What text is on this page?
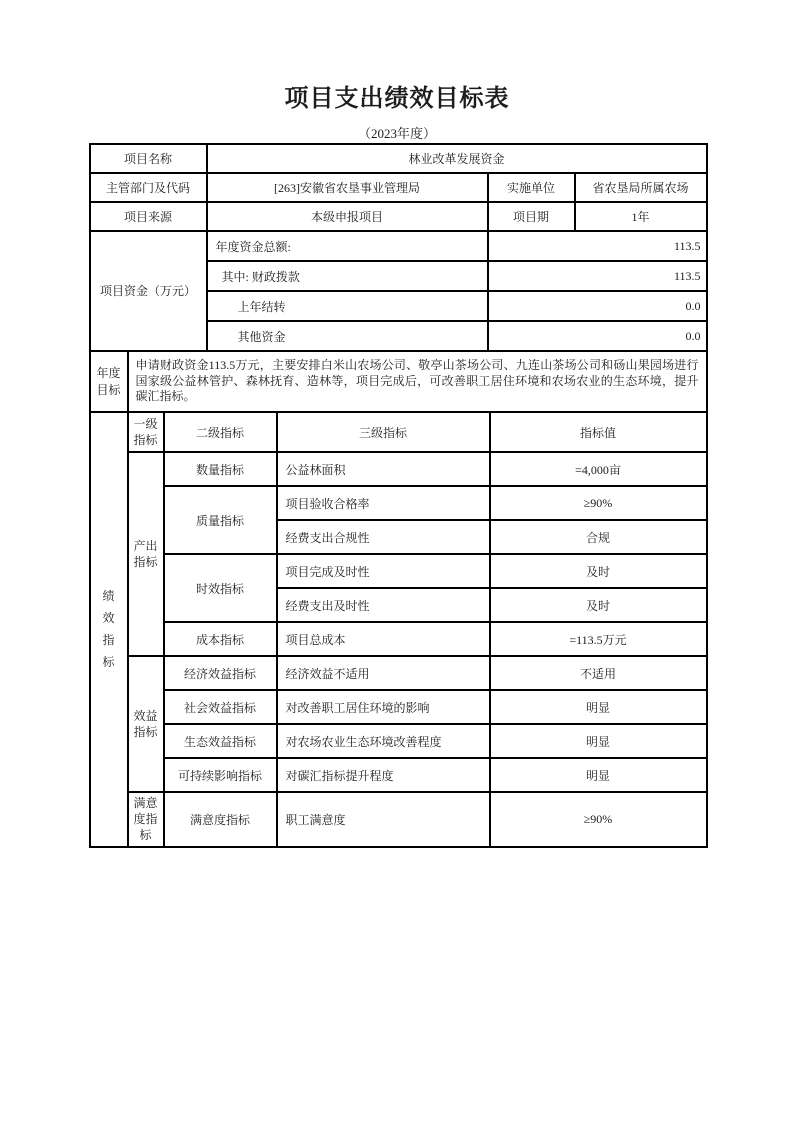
项目支出绩效目标表
（2023年度）
项目名称	林业改革发展资金		
主管部门及代码	[263]安徽省农垦事业管理局	实施单位	省农垦局所属农场
项目来源	本级申报项目	项目期	1年

项目资金（万元）	年度资金总额:	113.5	
	其中: 财政拨款	113.5	
	上年结转	0.0	
	其他资金	0.0	
年度目标

申请财政资金113.5万元，主要安排白米山农场公司、敬亭山茶场公司、九连山茶场公司和砀山果园场进行国家级公益林管护、森林抚育、造林等，项目完成后，可改善职工居住环境和农场农业的生态环境，提升碳汇指标。
绩效指标	一级指标	二级指标	三级指标	指标值

	产出指标	数量指标	公益林面积	=4,000亩
		质量指标	项目验收合格率	≥90%
			经费支出合规性	合规
		时效指标	项目完成及时性	及时
			经费支出及时性	及时
		成本指标	项目总成本	=113.5万元

	效益指标	经济效益指标	经济效益不适用	不适用
		社会效益指标	对改善职工居住环境的影响	明显
		生态效益指标	对农场农业生态环境改善程度	明显
		可持续影响指标	对碳汇指标提升程度	明显

	满意度指标	满意度指标	职工满意度	≥90%
